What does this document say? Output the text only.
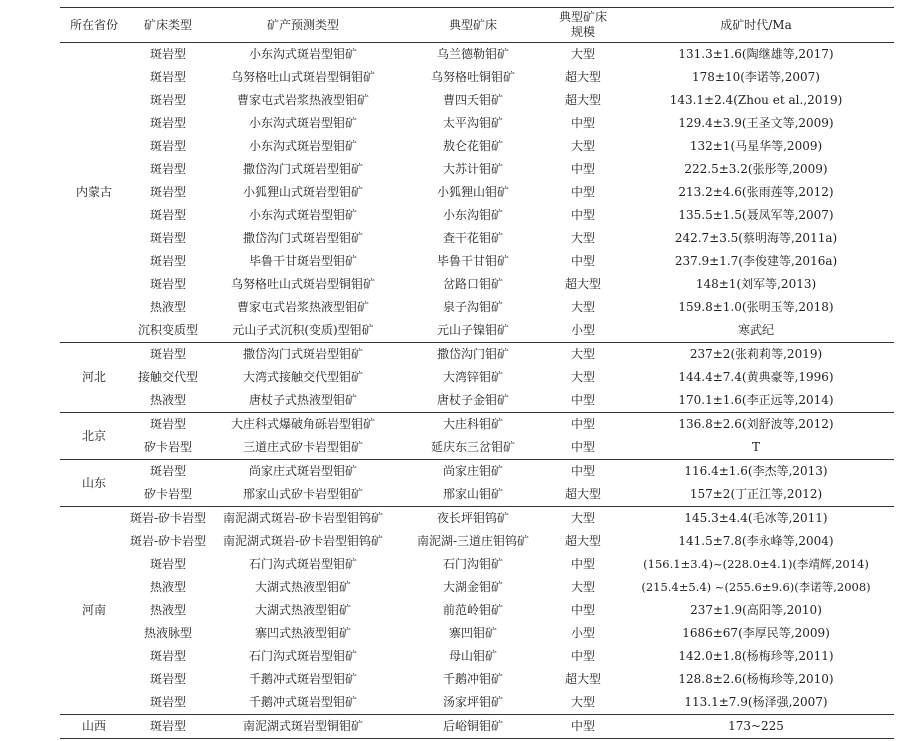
所在省份	矿床类型	矿产预测类型	典型矿床	典型矿床规模	成矿时代/Ma
内蒙古	斑岩型	小东沟式斑岩型钼矿	乌兰德勒钼矿	大型	131.3±1.6(陶继雄等,2017)
	斑岩型	乌努格吐山式斑岩型铜钼矿	乌努格吐铜钼矿	超大型	178±10(李诺等,2007)
	斑岩型	曹家屯式岩浆热液型钼矿	曹四夭钼矿	超大型	143.1±2.4(Zhou et al.,2019)
	斑岩型	小东沟式斑岩型钼矿	太平沟钼矿	中型	129.4±3.9(王圣文等,2009)
	斑岩型	小东沟式斑岩型钼矿	敖仑花钼矿	大型	132±1(马星华等,2009)
	斑岩型	撒岱沟门式斑岩型钼矿	大苏计钼矿	中型	222.5±3.2(张彤等,2009)
	斑岩型	小狐狸山式斑岩型钼矿	小狐狸山钼矿	中型	213.2±4.6(张雨莲等,2012)
	斑岩型	小东沟式斑岩型钼矿	小东沟钼矿	中型	135.5±1.5(聂凤军等,2007)
	斑岩型	撒岱沟门式斑岩型钼矿	查干花钼矿	大型	242.7±3.5(蔡明海等,2011a)
	斑岩型	毕鲁干甘斑岩型钼矿	毕鲁干甘钼矿	中型	237.9±1.7(李俊建等,2016a)
	斑岩型	乌努格吐山式斑岩型铜钼矿	岔路口钼矿	超大型	148±1(刘军等,2013)
	热液型	曹家屯式岩浆热液型钼矿	泉子沟钼矿	大型	159.8±1.0(张明玉等,2018)
	沉积变质型	元山子式沉积(变质)型钼矿	元山子镍钼矿	小型	寒武纪
河北	斑岩型	撒岱沟门式斑岩型钼矿	撒岱沟门钼矿	大型	237±2(张莉莉等,2019)
	接触交代型	大湾式接触交代型钼矿	大湾锌钼矿	大型	144.4±7.4(黄典豪等,1996)
	热液型	唐杖子式热液型钼矿	唐杖子金钼矿	中型	170.1±1.6(李正远等,2014)
北京	斑岩型	大庄科式爆破角砾岩型钼矿	大庄科钼矿	中型	136.8±2.6(刘舒波等,2012)
	矽卡岩型	三道庄式矽卡岩型钼矿	延庆东三岔钼矿	中型	T
山东	斑岩型	尚家庄式斑岩型钼矿	尚家庄钼矿	中型	116.4±1.6(李杰等,2013)
	矽卡岩型	邢家山式矽卡岩型钼矿	邢家山钼矿	超大型	157±2(丁正江等,2012)
河南	斑岩-矽卡岩型	南泥湖式斑岩-矽卡岩型钼钨矿	夜长坪钼钨矿	大型	145.3±4.4(毛冰等,2011)
	斑岩-矽卡岩型	南泥湖式斑岩-矽卡岩型钼钨矿	南泥湖-三道庄钼钨矿	超大型	141.5±7.8(李永峰等,2004)
	斑岩型	石门沟式斑岩型钼矿	石门沟钼矿	中型	(156.1±3.4)~(228.0±4.1)(李靖辉,2014)
	热液型	大湖式热液型钼矿	大湖金钼矿	大型	(215.4±5.4) ~(255.6±9.6)(李诺等,2008)
	热液型	大湖式热液型钼矿	前范岭钼矿	中型	237±1.9(高阳等,2010)
	热液脉型	寨凹式热液型钼矿	寨凹钼矿	小型	1686±67(李厚民等,2009)
	斑岩型	石门沟式斑岩型钼矿	母山钼矿	中型	142.0±1.8(杨梅珍等,2011)
	斑岩型	千鹅冲式斑岩型钼矿	千鹅冲钼矿	超大型	128.8±2.6(杨梅珍等,2010)
	斑岩型	千鹅冲式斑岩型钼矿	汤家坪钼矿	大型	113.1±7.9(杨泽强,2007)
山西	斑岩型	南泥湖式斑岩型铜钼矿	后峪铜钼矿	中型	173~225
